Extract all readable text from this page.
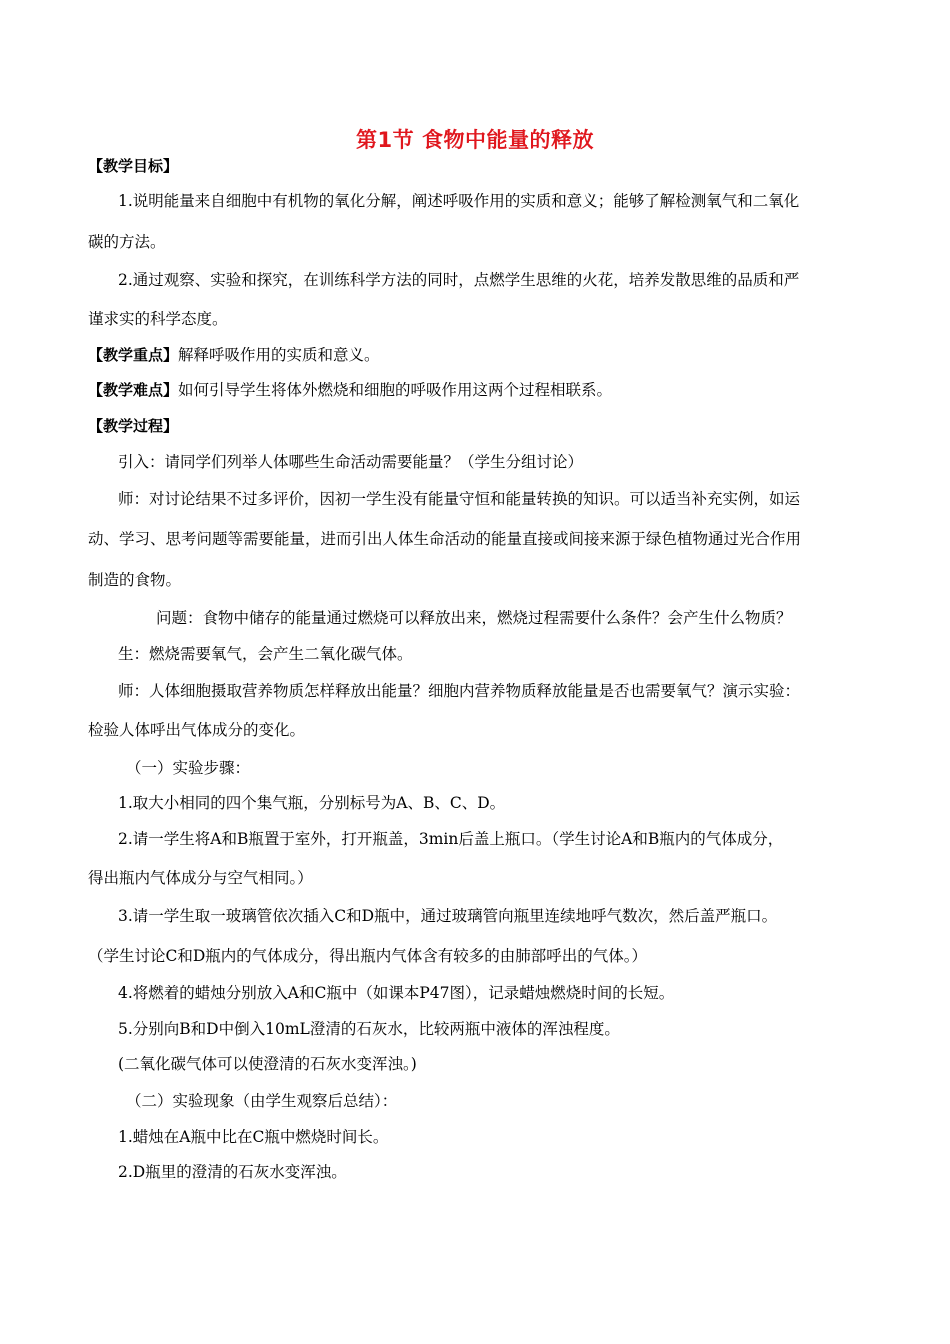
第1节 食物中能量的释放
【教学目标】
1.说明能量来自细胞中有机物的氧化分解，阐述呼吸作用的实质和意义；能够了解检测氧气和二氧化
碳的方法。
2.通过观察、实验和探究，在训练科学方法的同时，点燃学生思维的火花，培养发散思维的品质和严
谨求实的科学态度。
【教学重点】解释呼吸作用的实质和意义。
【教学难点】如何引导学生将体外燃烧和细胞的呼吸作用这两个过程相联系。
【教学过程】
引入：请同学们列举人体哪些生命活动需要能量？（学生分组讨论）
师：对讨论结果不过多评价，因初一学生没有能量守恒和能量转换的知识。可以适当补充实例，如运
动、学习、思考问题等需要能量，进而引出人体生命活动的能量直接或间接来源于绿色植物通过光合作用
制造的食物。
问题：食物中储存的能量通过燃烧可以释放出来，燃烧过程需要什么条件？会产生什么物质？
生：燃烧需要氧气，会产生二氧化碳气体。
师：人体细胞摄取营养物质怎样释放出能量？细胞内营养物质释放能量是否也需要氧气？演示实验：
检验人体呼出气体成分的变化。
（一）实验步骤：
1.取大小相同的四个集气瓶，分别标号为A、B、C、D。
2.请一学生将A和B瓶置于室外，打开瓶盖，3min后盖上瓶口。（学生讨论A和B瓶内的气体成分，
得出瓶内气体成分与空气相同。）
3.请一学生取一玻璃管依次插入C和D瓶中，通过玻璃管向瓶里连续地呼气数次，然后盖严瓶口。
（学生讨论C和D瓶内的气体成分，得出瓶内气体含有较多的由肺部呼出的气体。）
4.将燃着的蜡烛分别放入A和C瓶中（如课本P47图），记录蜡烛燃烧时间的长短。
5.分别向B和D中倒入10mL澄清的石灰水，比较两瓶中液体的浑浊程度。
(二氧化碳气体可以使澄清的石灰水变浑浊。)
（二）实验现象（由学生观察后总结）：
1.蜡烛在A瓶中比在C瓶中燃烧时间长。
2.D瓶里的澄清的石灰水变浑浊。
